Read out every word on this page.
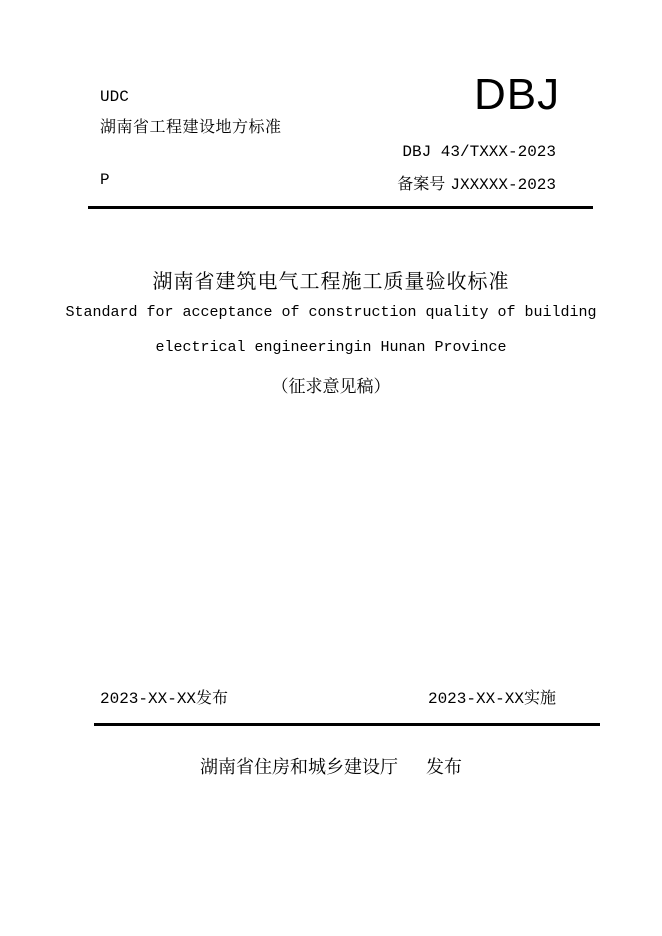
UDC
湖南省工程建设地方标准
DBJ
DBJ 43/TXXX-2023
P	备案号 JXXXXX-2023
湖南省建筑电气工程施工质量验收标准
Standard for acceptance of construction quality of building
electrical engineeringin Hunan Province
（征求意见稿）
2023-XX-XX发布	2023-XX-XX实施
湖南省住房和城乡建设厅 发布
